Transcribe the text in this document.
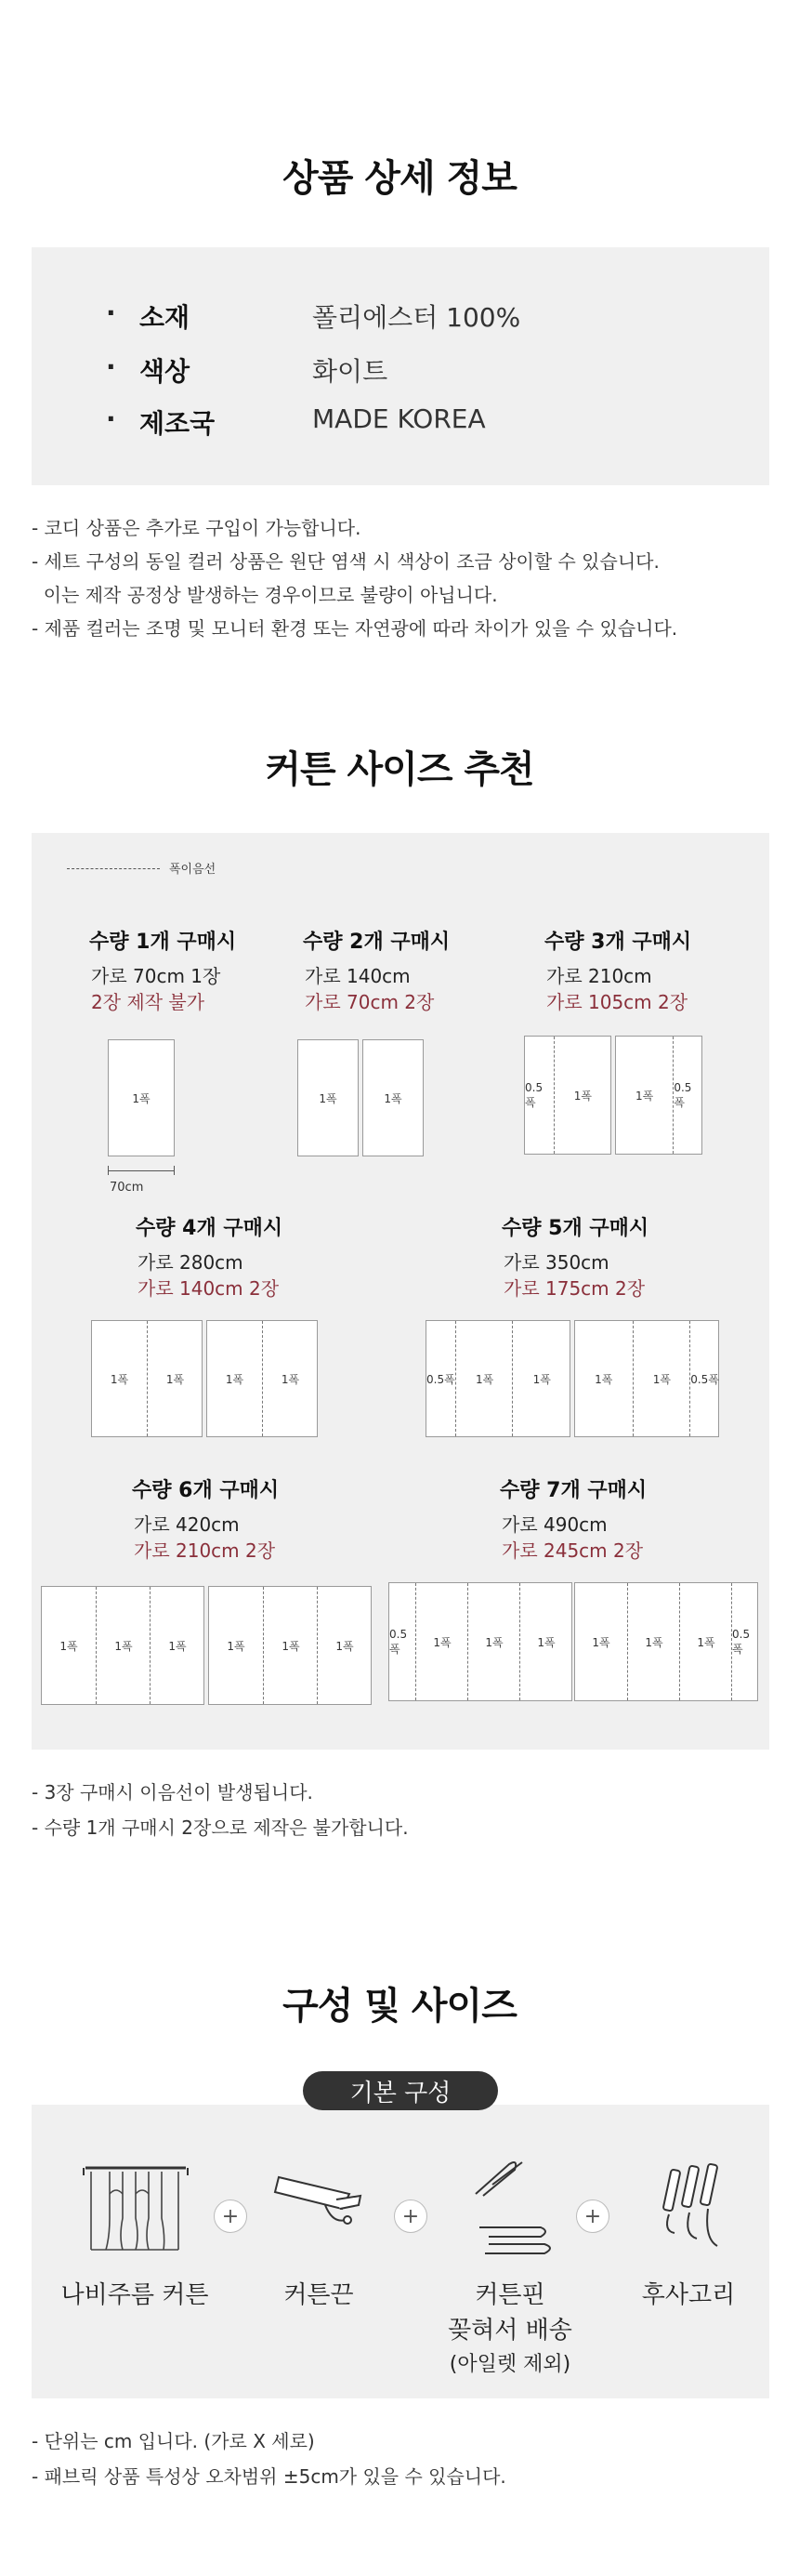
상품 상세 정보
· 소재	폴리에스터 100%
· 색상	화이트
· 제조국	MADE KOREA
- 코디 상품은 추가로 구입이 가능합니다.
- 세트 구성의 동일 컬러 상품은 원단 염색 시 색상이 조금 상이할 수 있습니다.
이는 제작 공정상 발생하는 경우이므로 불량이 아닙니다.
- 제품 컬러는 조명 및 모니터 환경 또는 자연광에 따라 차이가 있을 수 있습니다.
커튼 사이즈 추천
폭이음선
수량 1개 구매시
가로 70cm 1장
2장 제작 불가
1폭
수량 2개 구매시
가로 140cm
가로 70cm 2장
1폭	1폭
수량 3개 구매시
가로 210cm
가로 105cm 2장
0.5폭	1폭	1폭
0.5폭
수량 4개 구매시
가로 280cm
가로 140cm 2장
1폭	1폭	1폭	1폭
수량 5개 구매시
가로 350cm
가로 175cm 2장
0.5폭	1폭	1폭	1폭	1폭	0.5폭
수량 6개 구매시
가로 420cm
가로 210cm 2장
1폭	1폭	1폭	1폭	1폭	1폭
수량 7개 구매시
가로 490cm
가로 245cm 2장
0.5폭	1폭	1폭	1폭	1폭	1폭	1폭
0.5폭
70cm
- 3장 구매시 이음선이 발생됩니다.
- 수량 1개 구매시 2장으로 제작은 불가합니다.
구성 및 사이즈
+	+	+
나비주름 커튼	커튼끈	커튼핀
꽂혀서 배송
(아일렛 제외)
후사고리
기본 구성
- 단위는 cm 입니다. (가로 X 세로)
- 패브릭 상품 특성상 오차범위 ±5cm가 있을 수 있습니다.
